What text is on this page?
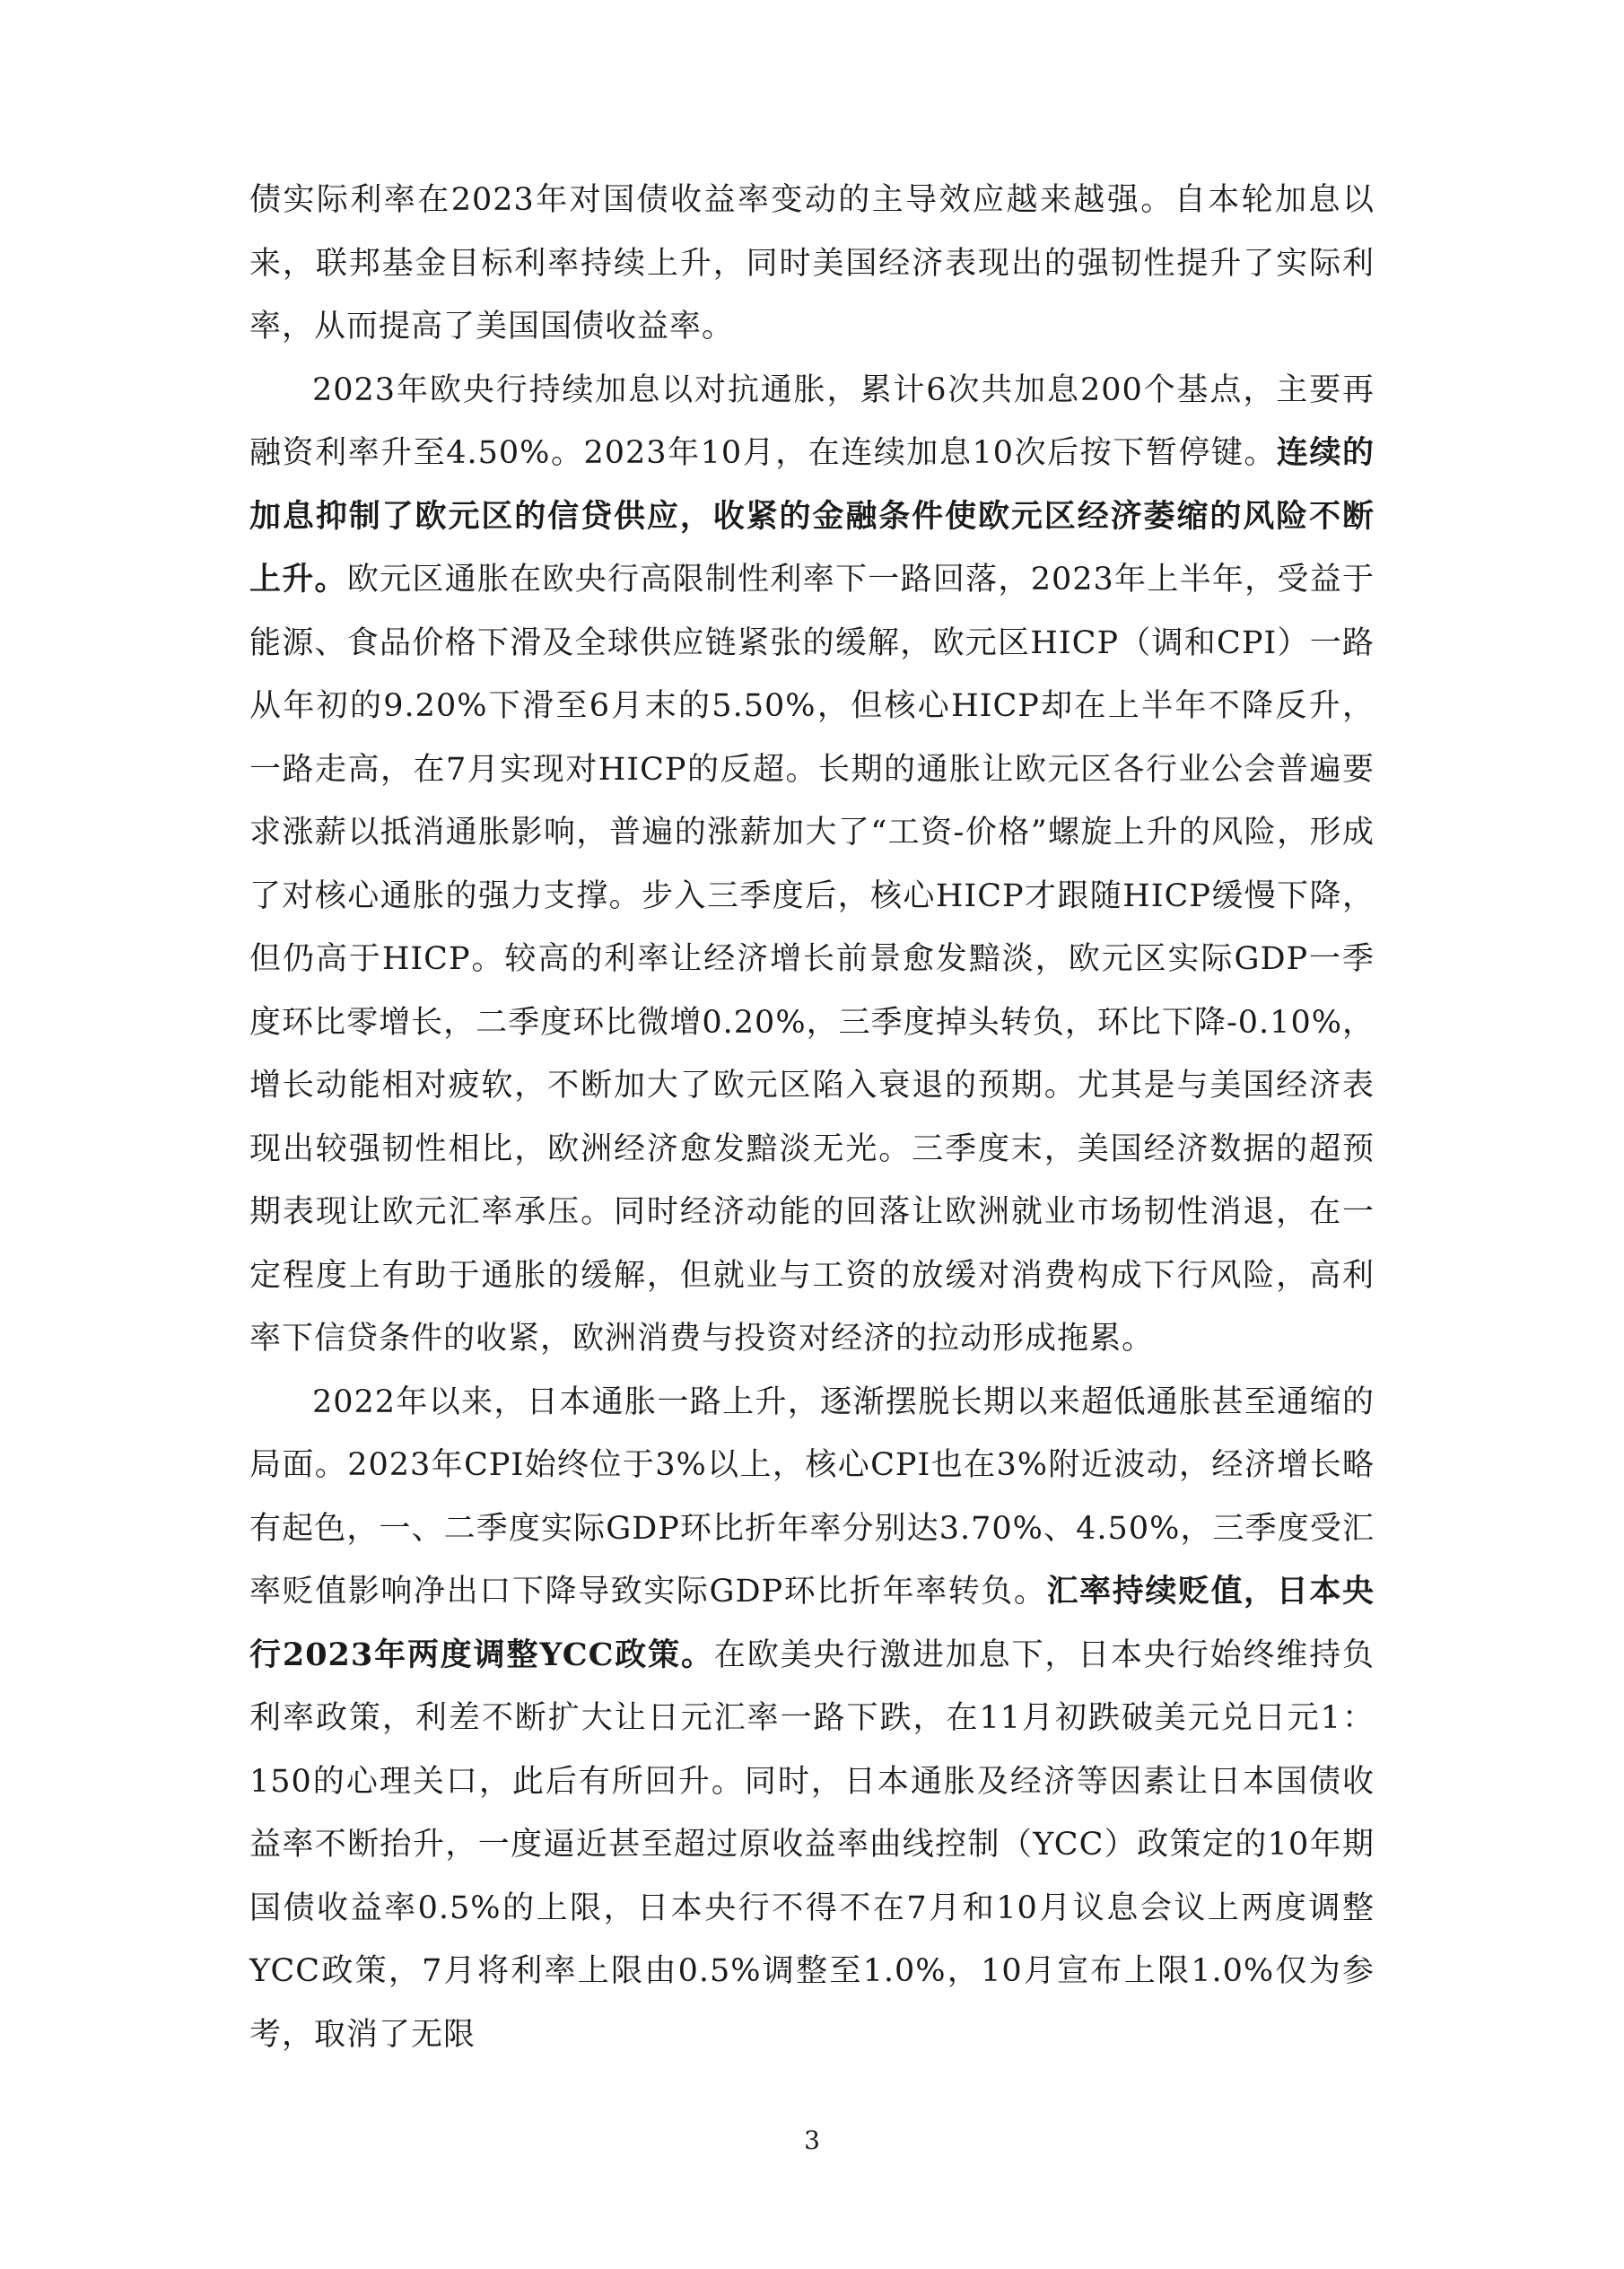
债实际利率在2023年对国债收益率变动的主导效应越来越强。自本轮加息以来，联邦基金目标利率持续上升，同时美国经济表现出的强韧性提升了实际利率，从而提高了美国国债收益率。

2023年欧央行持续加息以对抗通胀，累计6次共加息200个基点，主要再融资利率升至4.50%。2023年10月，在连续加息10次后按下暂停键。连续的加息抑制了欧元区的信贷供应，收紧的金融条件使欧元区经济萎缩的风险不断上升。欧元区通胀在欧央行高限制性利率下一路回落，2023年上半年，受益于能源、食品价格下滑及全球供应链紧张的缓解，欧元区HICP（调和CPI）一路从年初的9.20%下滑至6月末的5.50%，但核心HICP却在上半年不降反升，一路走高，在7月实现对HICP的反超。长期的通胀让欧元区各行业公会普遍要求涨薪以抵消通胀影响，普遍的涨薪加大了“工资-价格”螺旋上升的风险，形成了对核心通胀的强力支撑。步入三季度后，核心HICP才跟随HICP缓慢下降，但仍高于HICP。较高的利率让经济增长前景愈发黯淡，欧元区实际GDP一季度环比零增长，二季度环比微增0.20%，三季度掉头转负，环比下降-0.10%，增长动能相对疲软，不断加大了欧元区陷入衰退的预期。尤其是与美国经济表现出较强韧性相比，欧洲经济愈发黯淡无光。三季度末，美国经济数据的超预期表现让欧元汇率承压。同时经济动能的回落让欧洲就业市场韧性消退，在一定程度上有助于通胀的缓解，但就业与工资的放缓对消费构成下行风险，高利率下信贷条件的收紧，欧洲消费与投资对经济的拉动形成拖累。

2022年以来，日本通胀一路上升，逐渐摆脱长期以来超低通胀甚至通缩的局面。2023年CPI始终位于3%以上，核心CPI也在3%附近波动，经济增长略有起色，一、二季度实际GDP环比折年率分别达3.70%、4.50%，三季度受汇率贬值影响净出口下降导致实际GDP环比折年率转负。汇率持续贬值，日本央行2023年两度调整YCC政策。在欧美央行激进加息下，日本央行始终维持负利率政策，利差不断扩大让日元汇率一路下跌，在11月初跌破美元兑日元1：150的心理关口，此后有所回升。同时，日本通胀及经济等因素让日本国债收益率不断抬升，一度逼近甚至超过原收益率曲线控制（YCC）政策定的10年期国债收益率0.5%的上限，日本央行不得不在7月和10月议息会议上两度调整YCC政策，7月将利率上限由0.5%调整至1.0%，10月宣布上限1.0%仅为参考，取消了无限

3
